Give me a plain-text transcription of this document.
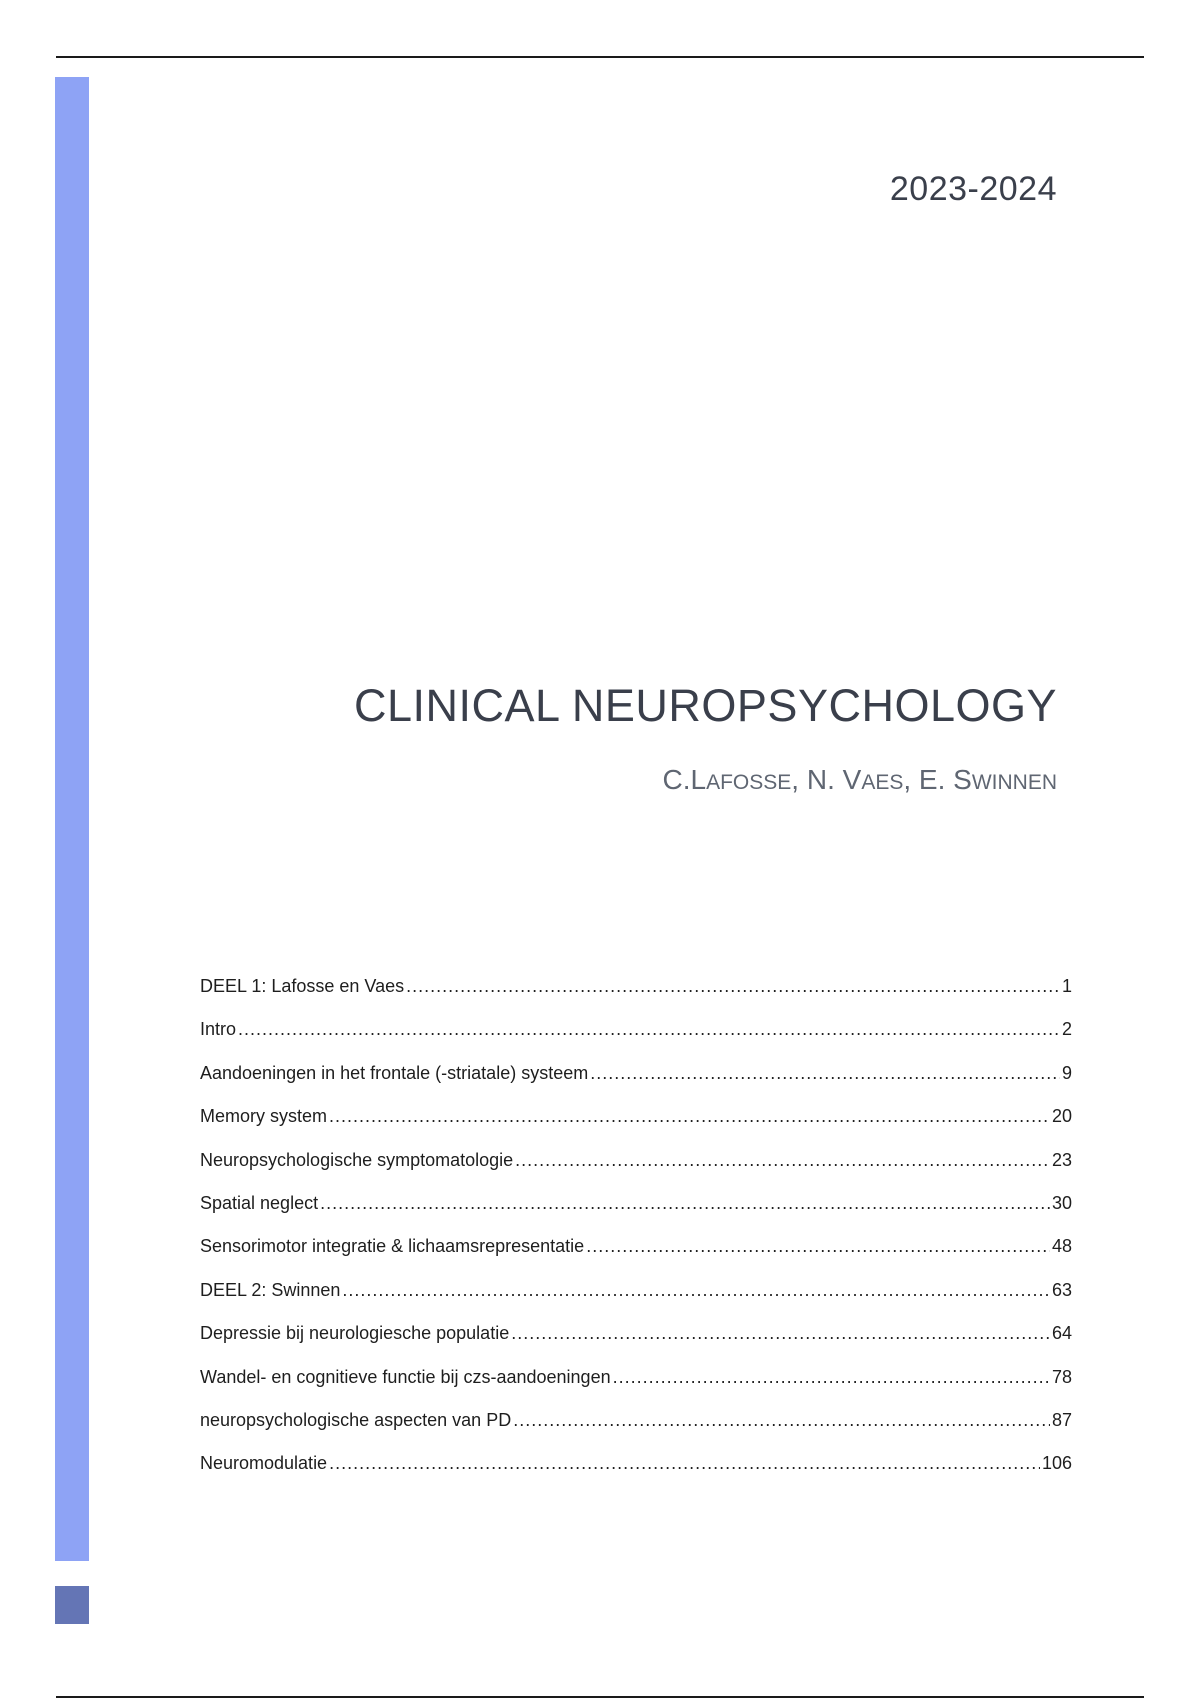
2023-2024
CLINICAL NEUROPSYCHOLOGY
C.LAFOSSE, N. VAES, E. SWINNEN
DEEL 1: Lafosse en Vaes .....	1
Intro .....	2
Aandoeningen in het frontale (-striatale) systeem .....	9
Memory system .....	20
Neuropsychologische symptomatologie .....	23
Spatial neglect .....	30
Sensorimotor integratie & lichaamsrepresentatie .....	48
DEEL 2: Swinnen .....	63
Depressie bij neurologiesche populatie .....	64
Wandel- en cognitieve functie bij czs-aandoeningen .....	78
neuropsychologische aspecten van PD .....	87
Neuromodulatie .....	106
